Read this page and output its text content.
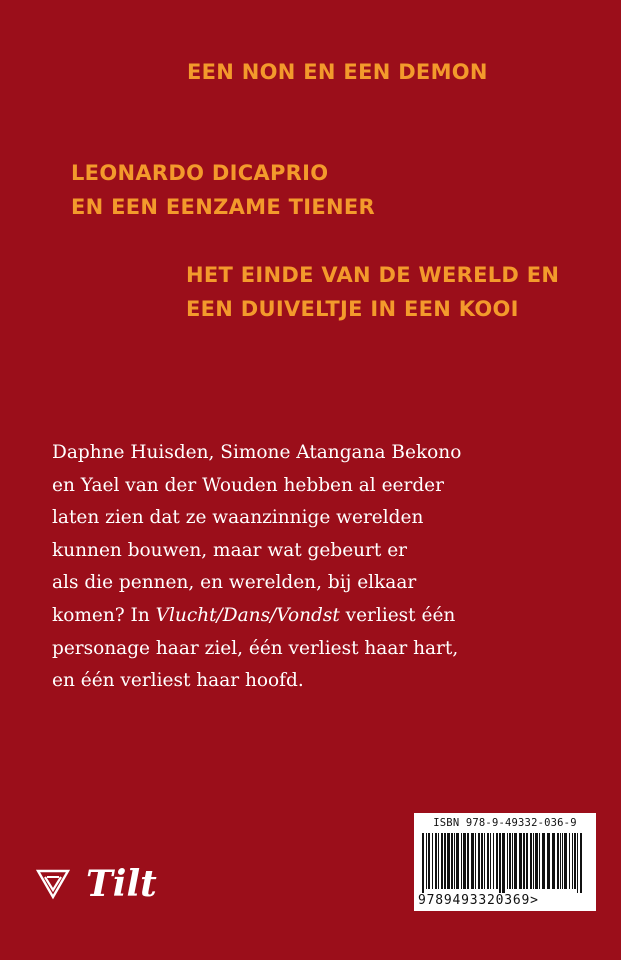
EEN NON EN EEN DEMON
LEONARDO DICAPRIO
EN EEN EENZAME TIENER
HET EINDE VAN DE WERELD EN
EEN DUIVELTJE IN EEN KOOI
Daphne Huisden, Simone Atangana Bekono
en Yael van der Wouden hebben al eerder
laten zien dat ze waanzinnige werelden
kunnen bouwen, maar wat gebeurt er
als die pennen, en werelden, bij elkaar
komen? In Vlucht/Dans/Vondst verliest één
personage haar ziel, één verliest haar hart,
en één verliest haar hoofd.
Tilt
ISBN 978-9-49332-036-9
9789493320369>
